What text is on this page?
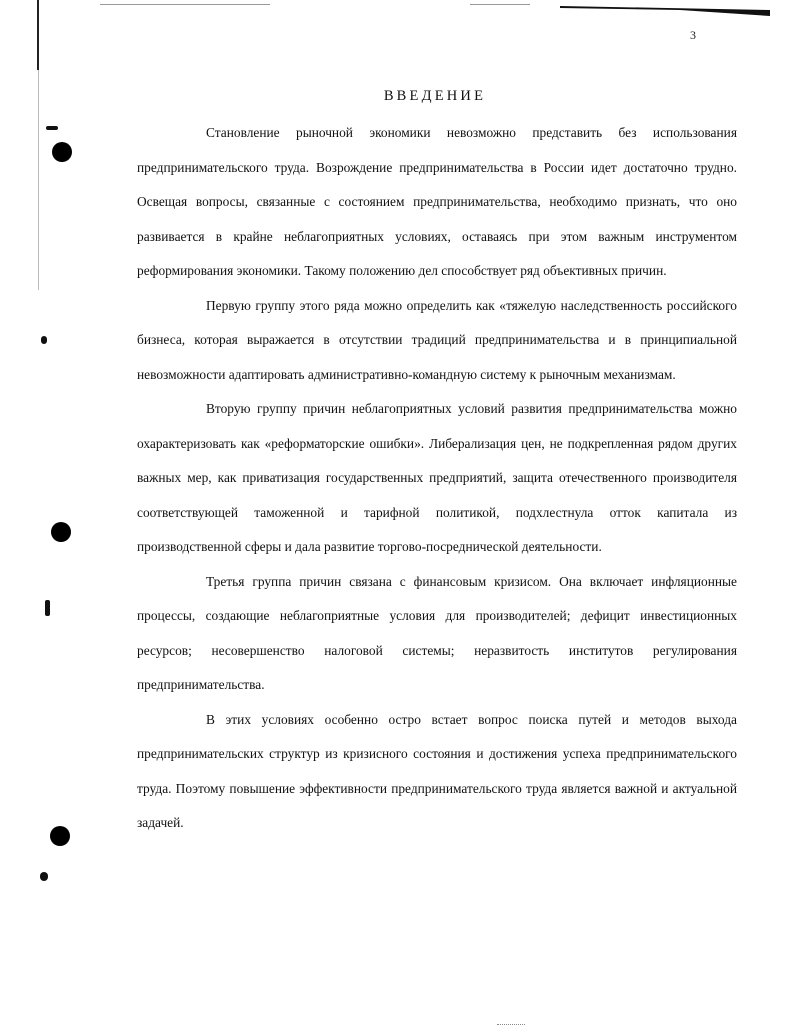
3
ВВЕДЕНИЕ

Становление рыночной экономики невозможно представить без использования предпринимательского труда. Возрождение предпринимательства в России идет достаточно трудно. Освещая вопросы, связанные с состоянием предпринимательства, необходимо признать, что оно развивается в крайне неблагоприятных условиях, оставаясь при этом важным инструментом реформирования экономики. Такому положению дел способствует ряд объективных причин.

Первую группу этого ряда можно определить как «тяжелую наследственность российского бизнеса, которая выражается в отсутствии традиций предпринимательства и в принципиальной невозможности адаптировать административно-командную систему к рыночным механизмам.

Вторую группу причин неблагоприятных условий развития предпринимательства можно охарактеризовать как «реформаторские ошибки». Либерализация цен, не подкрепленная рядом других важных мер, как приватизация государственных предприятий, защита отечественного производителя соответствующей таможенной и тарифной политикой, подхлестнула отток капитала из производственной сферы и дала развитие торгово-посреднической деятельности.

Третья группа причин связана с финансовым кризисом. Она включает инфляционные процессы, создающие неблагоприятные условия для производителей; дефицит инвестиционных ресурсов; несовершенство налоговой системы; неразвитость институтов регулирования предпринимательства.

В этих условиях особенно остро встает вопрос поиска путей и методов выхода предпринимательских структур из кризисного состояния и достижения успеха предпринимательского труда. Поэтому повышение эффективности предпринимательского труда является важной и актуальной задачей.
